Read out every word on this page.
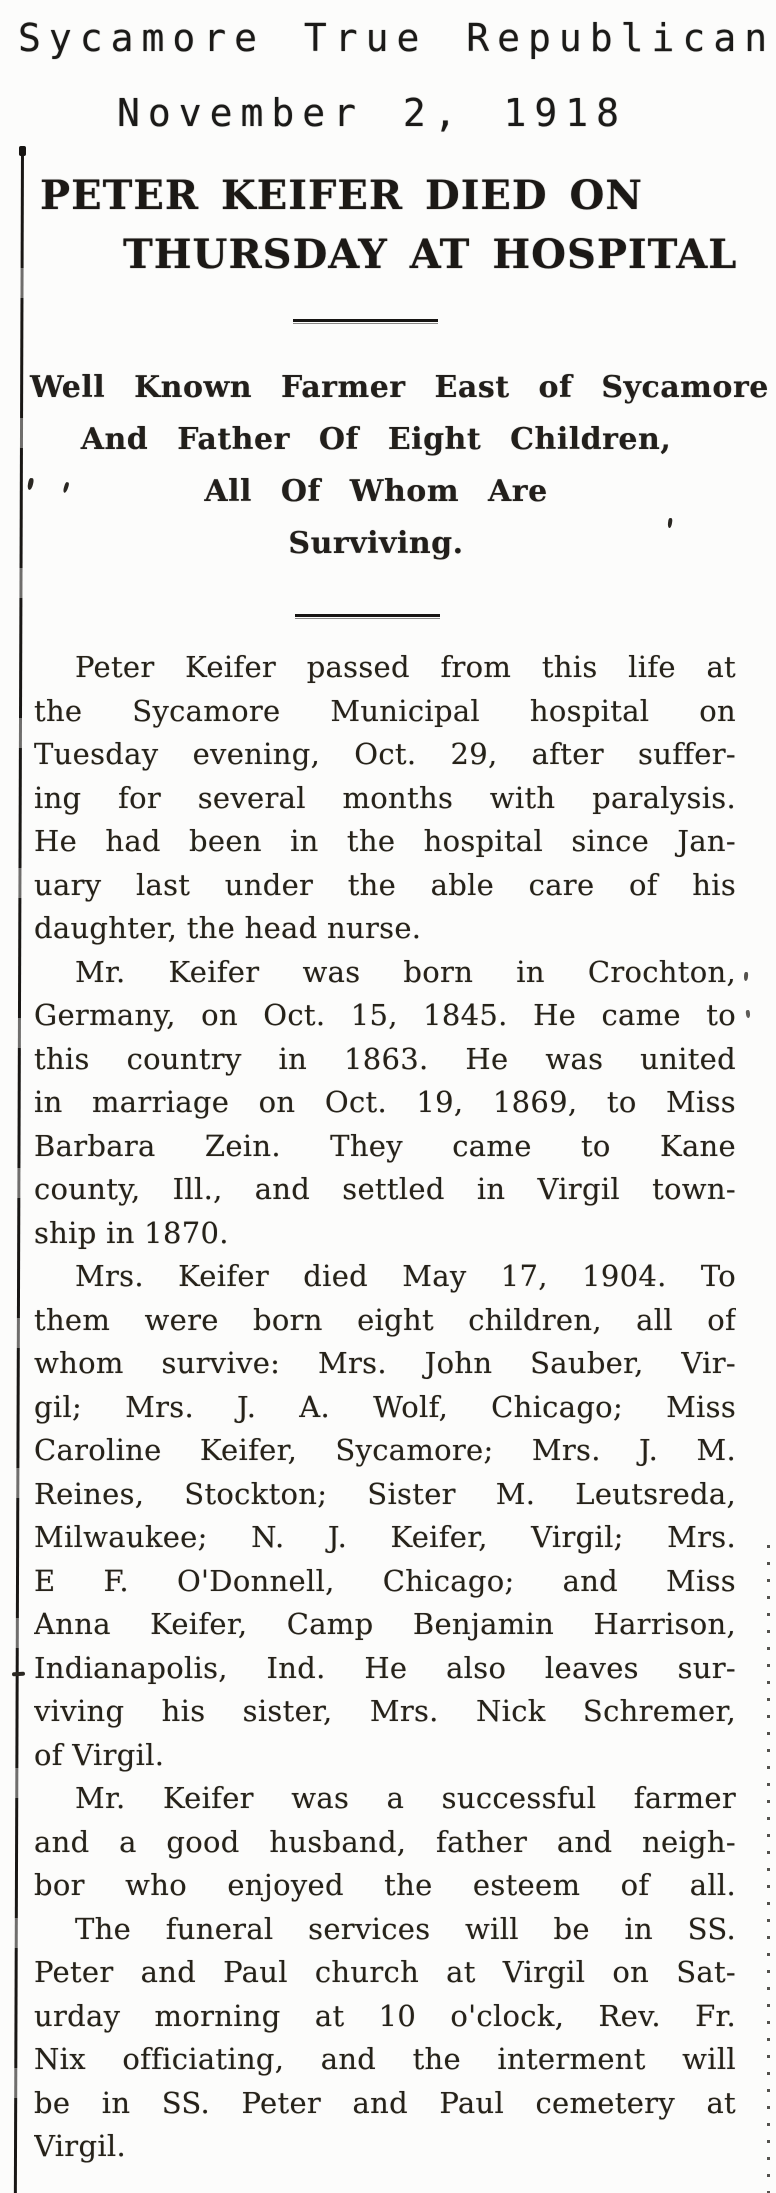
Sycamore True Republican
November 2, 1918
PETER KEIFER DIED ON
THURSDAY AT HOSPITAL
Well Known Farmer East of Sycamore
And Father Of Eight Children,
All Of Whom Are
Surviving.
Peter Keifer passed from this life at
the Sycamore Municipal hospital on
Tuesday evening, Oct. 29, after suffer-
ing for several months with paralysis.
He had been in the hospital since Jan-
uary last under the able care of his
daughter, the head nurse.
Mr. Keifer was born in Crochton,
Germany, on Oct. 15, 1845. He came to
this country in 1863. He was united
in marriage on Oct. 19, 1869, to Miss
Barbara Zein. They came to Kane
county, Ill., and settled in Virgil town-
ship in 1870.
Mrs. Keifer died May 17, 1904. To
them were born eight children, all of
whom survive: Mrs. John Sauber, Vir-
gil; Mrs. J. A. Wolf, Chicago; Miss
Caroline Keifer, Sycamore; Mrs. J. M.
Reines, Stockton; Sister M. Leutsreda,
Milwaukee; N. J. Keifer, Virgil; Mrs.
E F. O'Donnell, Chicago; and Miss
Anna Keifer, Camp Benjamin Harrison,
Indianapolis, Ind. He also leaves sur-
viving his sister, Mrs. Nick Schremer,
of Virgil.
Mr. Keifer was a successful farmer
and a good husband, father and neigh-
bor who enjoyed the esteem of all.
The funeral services will be in SS.
Peter and Paul church at Virgil on Sat-
urday morning at 10 o'clock, Rev. Fr.
Nix officiating, and the interment will
be in SS. Peter and Paul cemetery at
Virgil.
